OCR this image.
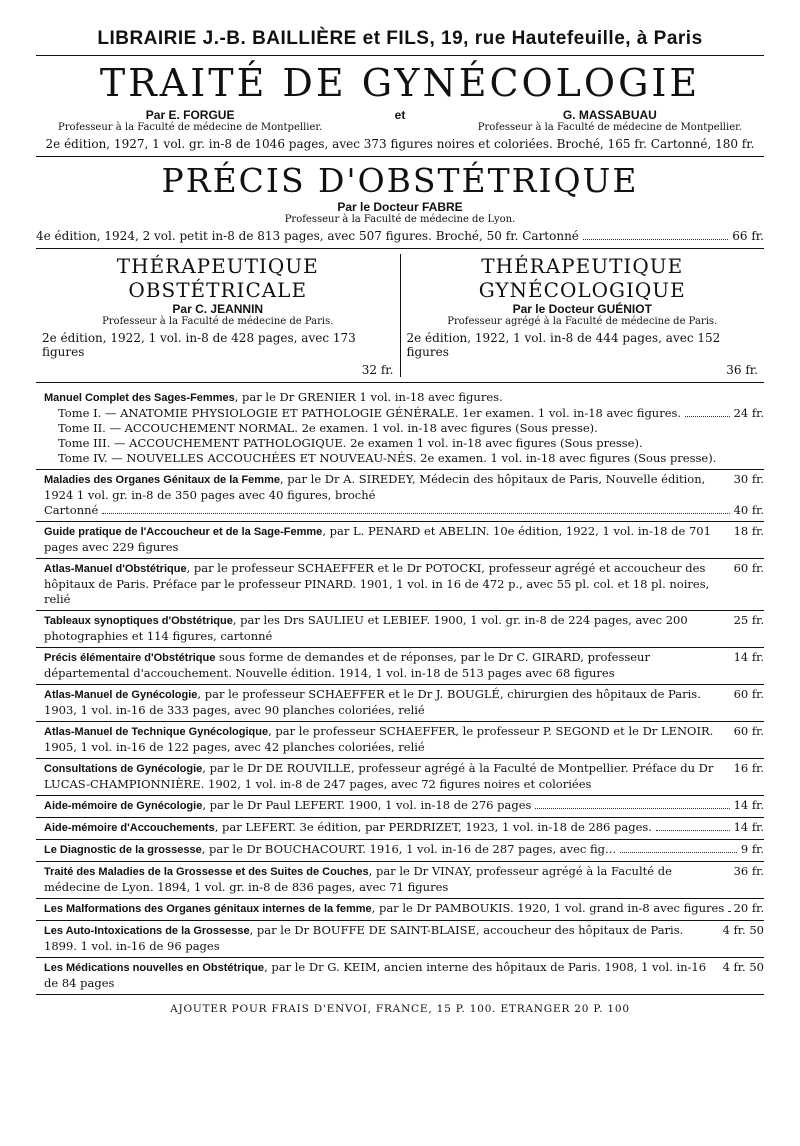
LIBRAIRIE J.-B. BAILLIÈRE et FILS, 19, rue Hautefeuille, à Paris
TRAITÉ DE GYNÉCOLOGIE
Par E. FORGUE
Professeur à la Faculté de médecine de Montpellier.
et	G. MASSABUAU
Professeur à la Faculté de médecine de Montpellier.
2e édition, 1927, 1 vol. gr. in-8 de 1046 pages, avec 373 figures noires et coloriées. Broché, 165 fr. Cartonné, 180 fr.
PRÉCIS D'OBSTÉTRIQUE
Par le Docteur FABRE
Professeur à la Faculté de médecine de Lyon.
4e édition, 1924, 2 vol. petit in-8 de 813 pages, avec 507 figures. Broché, 50 fr. Cartonné	66 fr.
THÉRAPEUTIQUE OBSTÉTRICALE
Par C. JEANNIN
Professeur à la Faculté de médecine de Paris.
2e édition, 1922, 1 vol. in-8 de 428 pages, avec 173 figures
32 fr.
THÉRAPEUTIQUE GYNÉCOLOGIQUE
Par le Docteur GUÉNIOT
Professeur agrégé à la Faculté de médecine de Paris.
2e édition, 1922, 1 vol. in-8 de 444 pages, avec 152 figures
36 fr.
Manuel Complet des Sages-Femmes, par le Dr GRENIER 1 vol. in-18 avec figures.
Tome I. — ANATOMIE PHYSIOLOGIE ET PATHOLOGIE GÉNÉRALE. 1er examen. 1 vol. in-18 avec figures.	24 fr.
Tome II. — ACCOUCHEMENT NORMAL. 2e examen. 1 vol. in-18 avec figures (Sous presse).
Tome III. — ACCOUCHEMENT PATHOLOGIQUE. 2e examen 1 vol. in-18 avec figures (Sous presse).
Tome IV. — NOUVELLES ACCOUCHÉES ET NOUVEAU-NÉS. 2e examen. 1 vol. in-18 avec figures (Sous presse).
Maladies des Organes Génitaux de la Femme, par le Dr A. SIREDEY, Médecin des hôpitaux de Paris, Nouvelle édition, 1924 1 vol. gr. in-8 de 350 pages avec 40 figures, broché
30 fr.
Cartonné	40 fr.
Guide pratique de l'Accoucheur et de la Sage-Femme, par L. PENARD et ABELIN. 10e édition, 1922, 1 vol. in-18 de 701 pages avec 229 figures
18 fr.
Atlas-Manuel d'Obstétrique, par le professeur SCHAEFFER et le Dr POTOCKI, professeur agrégé et accoucheur des hôpitaux de Paris. Préface par le professeur PINARD. 1901, 1 vol. in 16 de 472 p., avec 55 pl. col. et 18 pl. noires, relié
60 fr.
Tableaux synoptiques d'Obstétrique, par les Drs SAULIEU et LEBIEF. 1900, 1 vol. gr. in-8 de 224 pages, avec 200 photographies et 114 figures, cartonné
25 fr.
Précis élémentaire d'Obstétrique sous forme de demandes et de réponses, par le Dr C. GIRARD, professeur départemental d'accouchement. Nouvelle édition. 1914, 1 vol. in-18 de 513 pages avec 68 figures
14 fr.
Atlas-Manuel de Gynécologie, par le professeur SCHAEFFER et le Dr J. BOUGLÉ, chirurgien des hôpitaux de Paris. 1903, 1 vol. in-16 de 333 pages, avec 90 planches coloriées, relié
60 fr.
Atlas-Manuel de Technique Gynécologique, par le professeur SCHAEFFER, le professeur P. SEGOND et le Dr LENOIR. 1905, 1 vol. in-16 de 122 pages, avec 42 planches coloriées, relié
60 fr.
Consultations de Gynécologie, par le Dr DE ROUVILLE, professeur agrégé à la Faculté de Montpellier. Préface du Dr LUCAS-CHAMPIONNIÈRE. 1902, 1 vol. in-8 de 247 pages, avec 72 figures noires et coloriées
16 fr.
Aide-mémoire de Gynécologie, par le Dr Paul LEFERT. 1900, 1 vol. in-18 de 276 pages	14 fr.
Aide-mémoire d'Accouchements, par LEFERT. 3e édition, par PERDRIZET, 1923, 1 vol. in-18 de 286 pages.	14 fr.
Le Diagnostic de la grossesse, par le Dr BOUCHACOURT. 1916, 1 vol. in-16 de 287 pages, avec fig...	9 fr.
Traité des Maladies de la Grossesse et des Suites de Couches, par le Dr VINAY, professeur agrégé à la Faculté de médecine de Lyon. 1894, 1 vol. gr. in-8 de 836 pages, avec 71 figures
36 fr.
Les Malformations des Organes génitaux internes de la femme, par le Dr PAMBOUKIS. 1920, 1 vol. grand in-8 avec figures 20 fr.
Les Auto-Intoxications de la Grossesse, par le Dr BOUFFE DE SAINT-BLAISE, accoucheur des hôpitaux de Paris. 1899. 1 vol. in-16 de 96 pages
4 fr. 50
Les Médications nouvelles en Obstétrique, par le Dr G. KEIM, ancien interne des hôpitaux de Paris. 1908, 1 vol. in-16 de 84 pages
4 fr. 50
AJOUTER POUR FRAIS D'ENVOI, FRANCE, 15 P. 100. ETRANGER 20 P. 100
